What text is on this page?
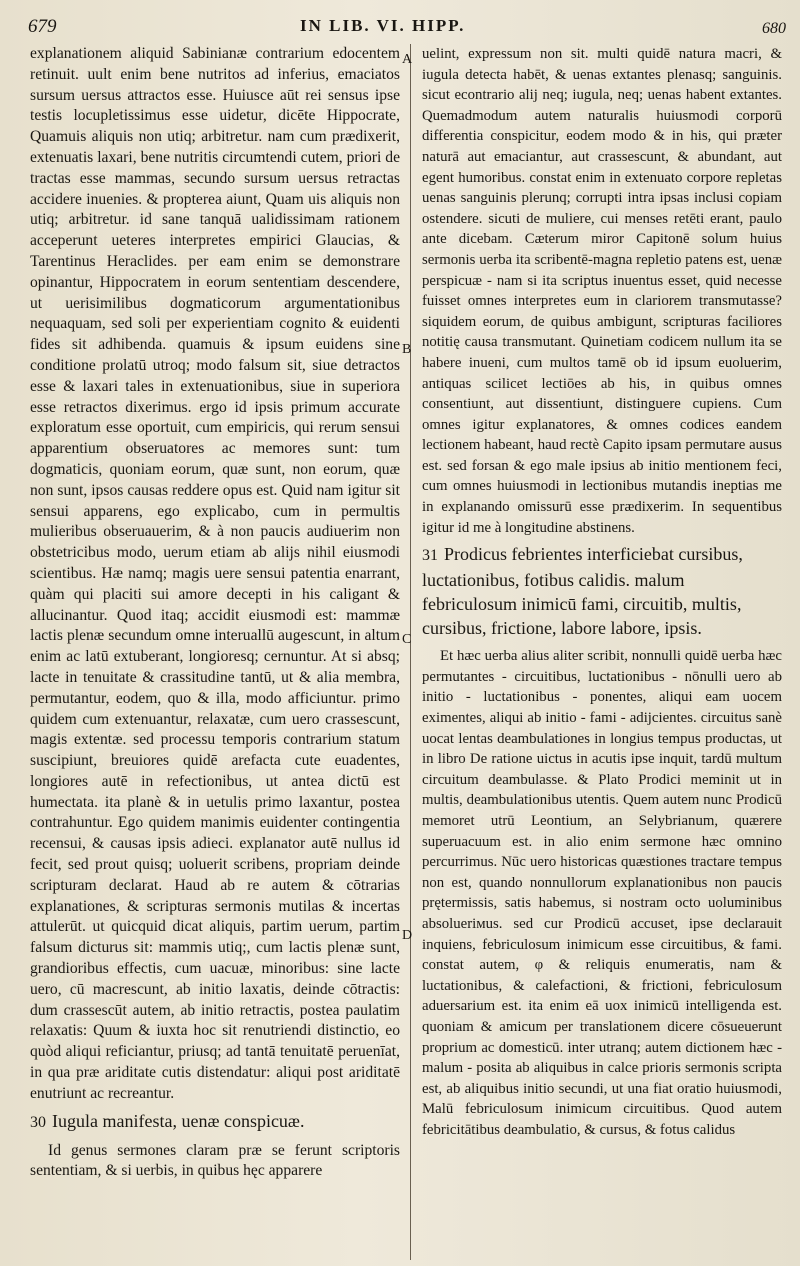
679	IN LIB. VI. HIPP.	680

explanationem aliquid Sabinianæ contrarium edocentem retinuit. uult enim bene nutritos ad inferius, emaciatos sursum uersus attractos esse. Huiusce aūt rei sensus ipse testis locupletissimus esse uidetur, dicēte Hippocrate, Quamuis aliquis non utiq; arbitretur. nam cum prædixerit, extenuatis laxari, bene nutritis circumtendi cutem, priori de tractas esse mammas, secundo sursum uersus retractas accidere inuenies. & propterea aiunt, Quam uis aliquis non utiq; arbitretur. id sane tanquā ualidissimam rationem acceperunt ueteres interpretes empirici Glaucias, & Tarentinus Heraclides. per eam enim se demonstrare opinantur, Hippocratem in eorum sententiam descendere, ut uerisimilibus dogmaticorum argumentationibus nequaquam, sed soli per experientiam cognito & euidenti fides sit adhibenda. quamuis & ipsum euidens sine conditione prolatū utroq; modo falsum sit, siue detractos esse & laxari tales in extenuationibus, siue in superiora esse retractos dixerimus. ergo id ipsis primum accurate exploratum esse oportuit, cum empiricis, qui rerum sensui apparentium obseruatores ac memores sunt: tum dogmaticis, quoniam eorum, quæ sunt, non eorum, quæ non sunt, ipsos causas reddere opus est. Quid nam igitur sit sensui apparens, ego explicabo, cum in permultis mulieribus obseruauerim, & à non paucis audiuerim non obstetricibus modo, uerum etiam ab alijs nihil eiusmodi scientibus. Hæ namq; magis uere sensui patentia enarrant, quàm qui placiti sui amore decepti in his caligant & allucinantur. Quod itaq; accidit eiusmodi est: mammæ lactis plenæ secundum omne interuallū augescunt, in altum enim ac latū extuberant, longioresq; cernuntur. At si absq; lacte in tenuitate & crassitudine tantū, ut & alia membra, permutantur, eodem, quo & illa, modo afficiuntur. primo quidem cum extenuantur, relaxatæ, cum uero crassescunt, magis extentæ. sed processu temporis contrarium statum suscipiunt, breuiores quidē arefacta cute euadentes, longiores autē in refectionibus, ut antea dictū est humectata. ita planè & in uetulis primo laxantur, postea contrahuntur. Ego quidem manimis euidenter contingentia recensui, & causas ipsis adieci. explanator autē nullus id fecit, sed prout quisq; uoluerit scribens, propriam deinde scripturam declarat. Haud ab re autem & cōtrarias explanationes, & scripturas sermonis mutilas & incertas attulerūt. ut quicquid dicat aliquis, partim uerum, partim falsum dicturus sit: mammis utiq;, cum lactis plenæ sunt, grandioribus effectis, cum uacuæ, minoribus: sine lacte uero, cū macrescunt, ab initio laxatis, deinde cōtractis: dum crassescūt autem, ab initio retractis, postea paulatim relaxatis: Quum & iuxta hoc sit renutriendi distinctio, eo quòd aliqui reficiantur, priusq; ad tantā tenuitatē peruenīat, in qua præ ariditate cutis distendatur: aliqui post ariditatē enutriunt ac recreantur.

30 Iugula manifesta, uenæ conspicuæ.

Id genus sermones claram præ se ferunt scriptoris sententiam, & si uerbis, in quibus hęc apparere

A
B
C
D

uelint, expressum non sit. multi quidē natura macri, & iugula detecta habēt, & uenas extantes plenasq; sanguinis. sicut econtrario alij neq; iugula, neq; uenas habent extantes. Quemadmodum autem naturalis huiusmodi corporū differentia conspicitur, eodem modo & in his, qui præter naturā aut emaciantur, aut crassescunt, & abundant, aut egent humoribus. constat enim in extenuato corpore repletas uenas sanguinis plerunq; corrupti intra ipsas inclusi copiam ostendere. sicuti de muliere, cui menses retēti erant, paulo ante dicebam. Cæterum miror Capitonē solum huius sermonis uerba ita scribentē-magna repletio patens est, uenæ perspicuæ - nam si ita scriptus inuentus esset, quid necesse fuisset omnes interpretes eum in clariorem transmutasse? siquidem eorum, de quibus ambigunt, scripturas faciliores notitię causa transmutant. Quinetiam codicem nullum ita se habere inueni, cum multos tamē ob id ipsum euoluerim, antiquas scilicet lectiōes ab his, in quibus omnes consentiunt, aut dissentiunt, distinguere cupiens. Cum omnes igitur explanatores, & omnes codices eandem lectionem habeant, haud rectè Capito ipsam permutare ausus est. sed forsan & ego male ipsius ab initio mentionem feci, cum omnes huiusmodi in lectionibus mutandis ineptias me in explanando omissurū esse prædixerim. In sequentibus igitur id me à longitudine abstinens.

31 Prodicus febrientes interficiebat cursibus, luctationibus, fotibus calidis. malum febriculosum inimicū fami, circuitib, multis, cursibus, frictione, labore labore, ipsis.

Et hæc uerba alius aliter scribit, nonnulli quidē uerba hæc permutantes - circuitibus, luctationibus - nōnulli uero ab initio - luctationibus - ponentes, aliqui eam uocem eximentes, aliqui ab initio - fami - adijcientes. circuitus sanè uocat lentas deambulationes in longius tempus productas, ut in libro De ratione uictus in acutis ipse inquit, tardū multum circuitum deambulasse. & Plato Prodici meminit ut in multis, deambulationibus utentis. Quem autem nunc Prodicū memoret utrū Leontium, an Selybrianum, quærere superuacuum est. in alio enim sermone hæc omnino percurrimus. Nūc uero historicas quæstiones tractare tempus non est, quando nonnullorum explanationibus non paucis prętermissis, satis habemus, si nostram octo uoluminibus absolueriмus. sed cur Prodicū accuset, ipse declarauit inquiens, febriculosum inimicum esse circuitibus, & fami. constat autem, φ & reliquis enumeratis, nam & luctationibus, & calefactioni, & frictioni, febriculosum aduersarium est. ita enim eā uox inimicū intelligenda est. quoniam & amicum per translationem dicere cōsueuerunt proprium ac domesticū. inter utranq; autem dictionem hæc - malum - posita ab aliquibus in calce prioris sermonis scripta est, ab aliquibus initio secundi, ut una fiat oratio huiusmodi, Malū febriculosum inimicum circuitibus. Quod autem febricitātibus deambulatio, & cursus, & fotus calidus
